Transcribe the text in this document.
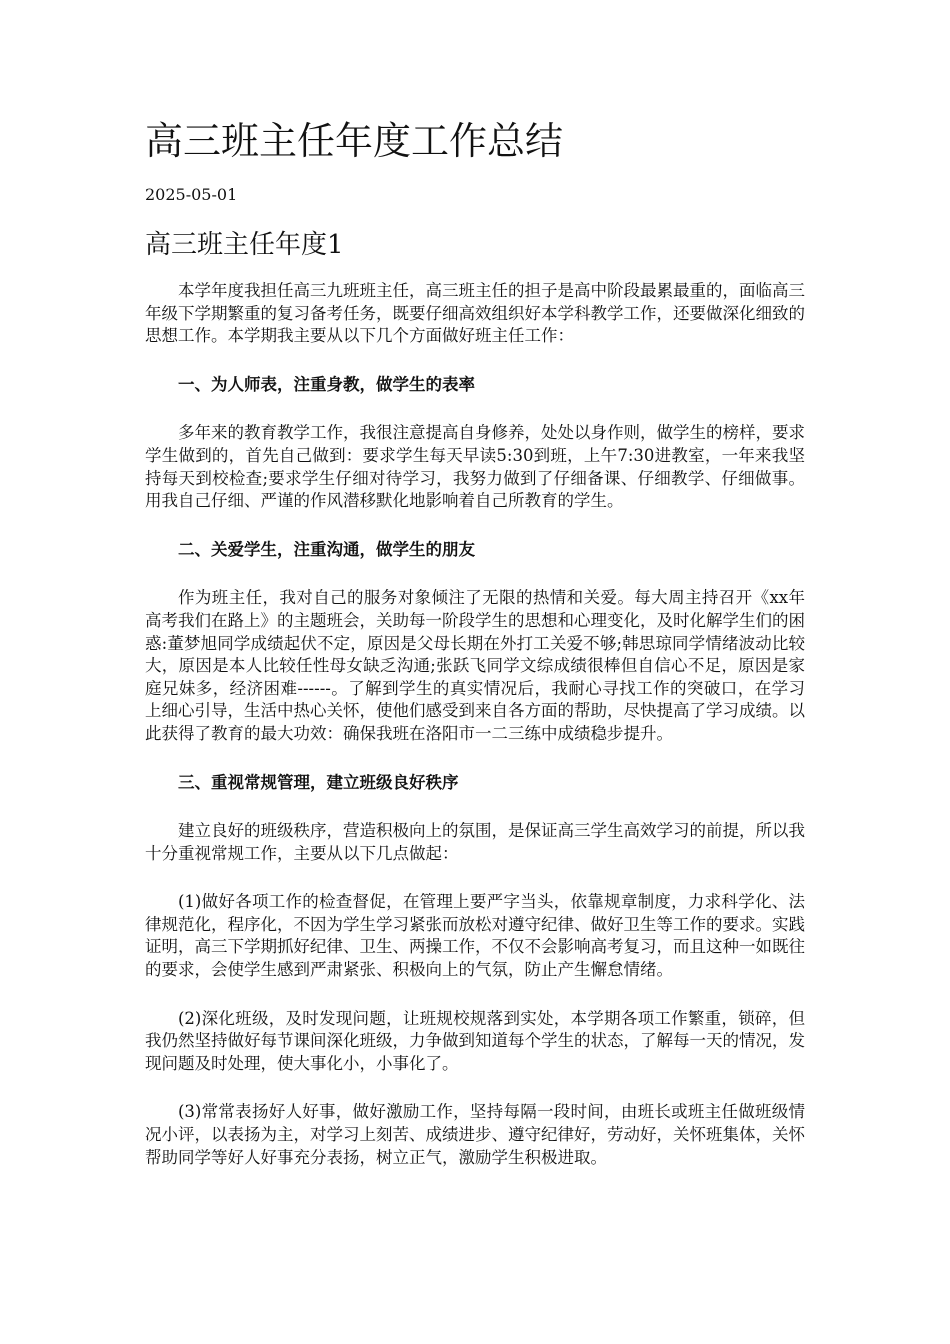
高三班主任年度工作总结
2025-05-01
高三班主任年度1

本学年度我担任高三九班班主任，高三班主任的担子是高中阶段最累最重的，面临高三年级下学期繁重的复习备考任务，既要仔细高效组织好本学科教学工作，还要做深化细致的思想工作。本学期我主要从以下几个方面做好班主任工作：

一、为人师表，注重身教，做学生的表率

多年来的教育教学工作，我很注意提高自身修养，处处以身作则，做学生的榜样，要求学生做到的，首先自己做到：要求学生每天早读5:30到班，上午7:30进教室，一年来我坚持每天到校检查;要求学生仔细对待学习，我努力做到了仔细备课、仔细教学、仔细做事。用我自己仔细、严谨的作风潜移默化地影响着自己所教育的学生。

二、关爱学生，注重沟通，做学生的朋友

作为班主任，我对自己的服务对象倾注了无限的热情和关爱。每大周主持召开《xx年高考我们在路上》的主题班会，关助每一阶段学生的思想和心理变化，及时化解学生们的困惑:董梦旭同学成绩起伏不定，原因是父母长期在外打工关爱不够;韩思琼同学情绪波动比较大，原因是本人比较任性母女缺乏沟通;张跃飞同学文综成绩很棒但自信心不足，原因是家庭兄妹多，经济困难------。了解到学生的真实情况后，我耐心寻找工作的突破口，在学习上细心引导，生活中热心关怀，使他们感受到来自各方面的帮助，尽快提高了学习成绩。以此获得了教育的最大功效：确保我班在洛阳市一二三练中成绩稳步提升。

三、重视常规管理，建立班级良好秩序

建立良好的班级秩序，营造积极向上的氛围，是保证高三学生高效学习的前提，所以我十分重视常规工作，主要从以下几点做起：

(1)做好各项工作的检查督促，在管理上要严字当头，依靠规章制度，力求科学化、法律规范化，程序化，不因为学生学习紧张而放松对遵守纪律、做好卫生等工作的要求。实践证明，高三下学期抓好纪律、卫生、两操工作，不仅不会影响高考复习，而且这种一如既往的要求，会使学生感到严肃紧张、积极向上的气氛，防止产生懈怠情绪。

(2)深化班级，及时发现问题，让班规校规落到实处，本学期各项工作繁重，锁碎，但我仍然坚持做好每节课间深化班级，力争做到知道每个学生的状态，了解每一天的情况，发现问题及时处理，使大事化小，小事化了。

(3)常常表扬好人好事，做好激励工作，坚持每隔一段时间，由班长或班主任做班级情况小评，以表扬为主，对学习上刻苦、成绩进步、遵守纪律好，劳动好，关怀班集体，关怀帮助同学等好人好事充分表扬，树立正气，激励学生积极进取。
